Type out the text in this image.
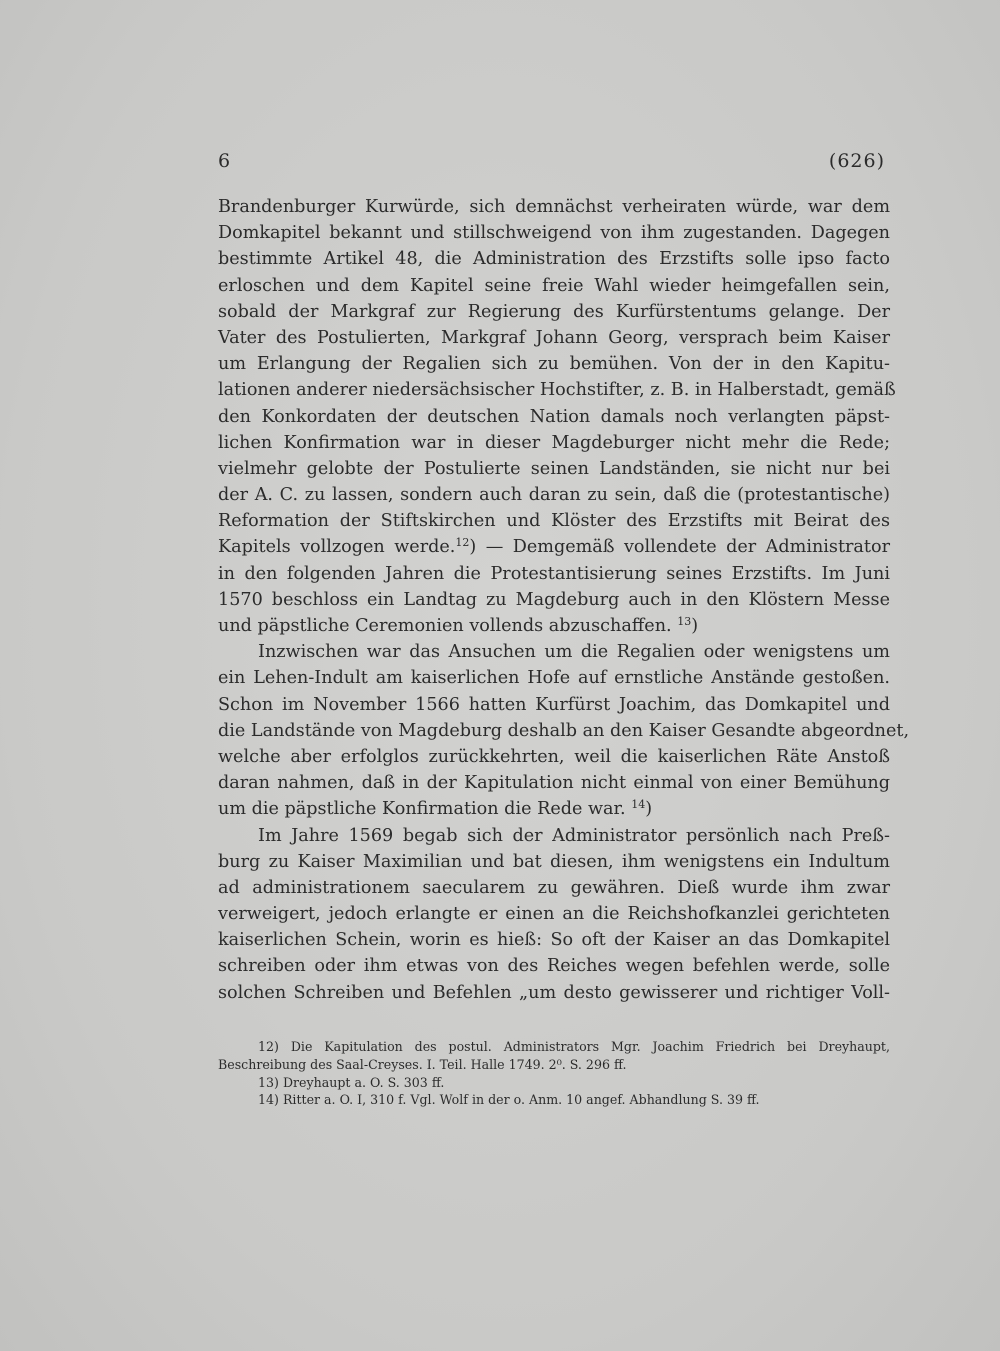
6	(626)
Brandenburger Kurwürde, sich demnächst verheiraten würde, war dem
Domkapitel bekannt und stillschweigend von ihm zugestanden. Dagegen
bestimmte Artikel 48, die Administration des Erzstifts solle ipso facto
erloschen und dem Kapitel seine freie Wahl wieder heimgefallen sein,
sobald der Markgraf zur Regierung des Kurfürstentums gelange. Der
Vater des Postulierten, Markgraf Johann Georg, versprach beim Kaiser
um Erlangung der Regalien sich zu bemühen. Von der in den Kapitu-
lationen anderer niedersächsischer Hochstifter, z. B. in Halberstadt, gemäß
den Konkordaten der deutschen Nation damals noch verlangten päpst-
lichen Konfirmation war in dieser Magdeburger nicht mehr die Rede;
vielmehr gelobte der Postulierte seinen Landständen, sie nicht nur bei
der A. C. zu lassen, sondern auch daran zu sein, daß die (protestantische)
Reformation der Stiftskirchen und Klöster des Erzstifts mit Beirat des
Kapitels vollzogen werde.$^{12}$) — Demgemäß vollendete der Administrator
in den folgenden Jahren die Protestantisierung seines Erzstifts. Im Juni
1570 beschloss ein Landtag zu Magdeburg auch in den Klöstern Messe
und päpstliche Ceremonien vollends abzuschaffen. $^{13}$)
Inzwischen war das Ansuchen um die Regalien oder wenigstens um
ein Lehen-Indult am kaiserlichen Hofe auf ernstliche Anstände gestoßen.
Schon im November 1566 hatten Kurfürst Joachim, das Domkapitel und
die Landstände von Magdeburg deshalb an den Kaiser Gesandte abgeordnet,
welche aber erfolglos zurückkehrten, weil die kaiserlichen Räte Anstoß
daran nahmen, daß in der Kapitulation nicht einmal von einer Bemühung
um die päpstliche Konfirmation die Rede war. $^{14}$)
Im Jahre 1569 begab sich der Administrator persönlich nach Preß-
burg zu Kaiser Maximilian und bat diesen, ihm wenigstens ein Indultum
ad administrationem saecularem zu gewähren. Dieß wurde ihm zwar
verweigert, jedoch erlangte er einen an die Reichshofkanzlei gerichteten
kaiserlichen Schein, worin es hieß: So oft der Kaiser an das Domkapitel
schreiben oder ihm etwas von des Reiches wegen befehlen werde, solle
solchen Schreiben und Befehlen „um desto gewisserer und richtiger Voll-
12) Die Kapitulation des postul. Administrators Mgr. Joachim Friedrich bei Dreyhaupt,
Beschreibung des Saal-Creyses. I. Teil. Halle 1749. 2⁰. S. 296 ff.
13) Dreyhaupt a. O. S. 303 ff.
14) Ritter a. O. I, 310 f. Vgl. Wolf in der o. Anm. 10 angef. Abhandlung S. 39 ff.
